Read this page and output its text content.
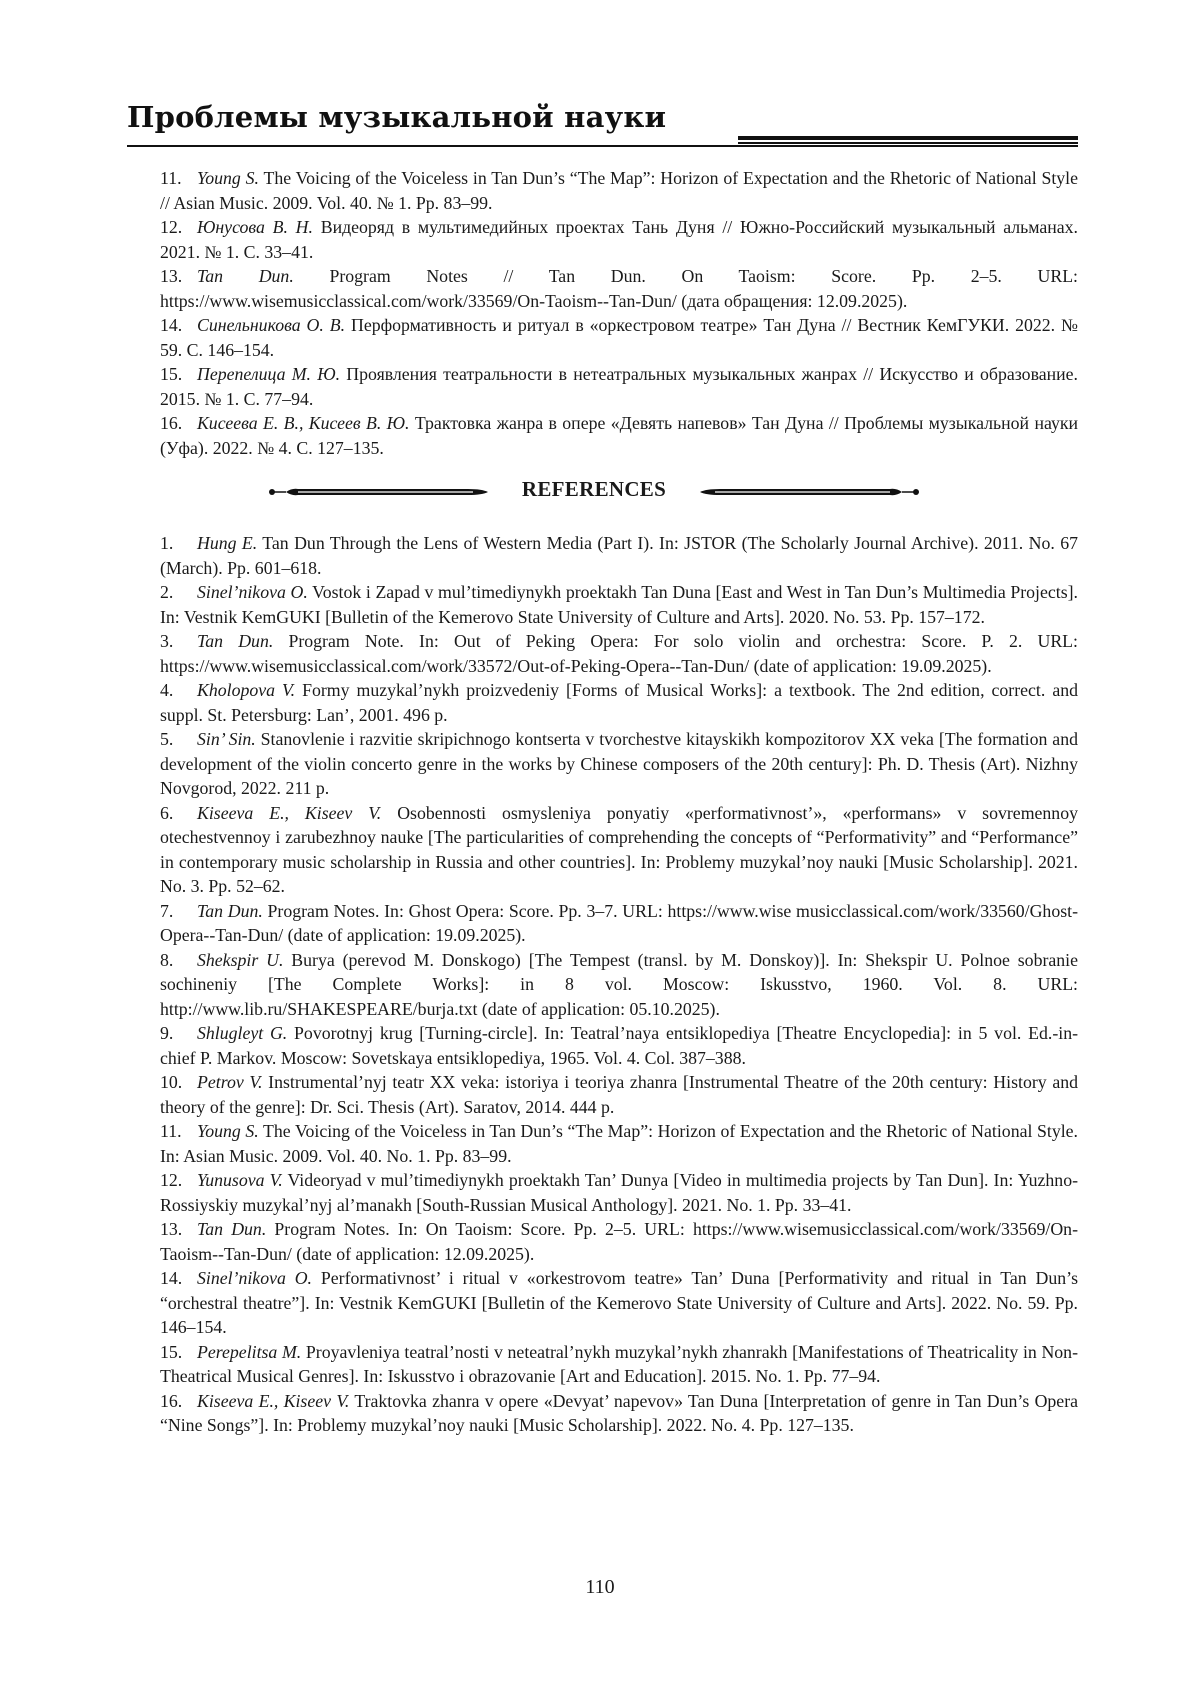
Проблемы музыкальной науки

11. Young S. The Voicing of the Voiceless in Tan Dun’s “The Map”: Horizon of Expectation and the Rhetoric of National Style // Asian Music. 2009. Vol. 40. № 1. Pp. 83–99.

12. Юнусова В. Н. Видеоряд в мультимедийных проектах Тань Дуня // Южно-Российский музыкальный альманах. 2021. № 1. С. 33–41.

13. Tan Dun. Program Notes // Tan Dun. On Taoism: Score. Pp. 2–5. URL: https://www.wisemusicclassical.com/work/33569/On-Taoism--Tan-Dun/ (дата обращения: 12.09.2025).

14. Синельникова О. В. Перформативность и ритуал в «оркестровом театре» Тан Дуна // Вестник КемГУКИ. 2022. № 59. С. 146–154.

15. Перепелица М. Ю. Проявления театральности в нетеатральных музыкальных жанрах // Искусство и образование. 2015. № 1. С. 77–94.

16. Кисеева Е. В., Кисеев В. Ю. Трактовка жанра в опере «Девять напевов» Тан Дуна // Проблемы музыкальной науки (Уфа). 2022. № 4. С. 127–135.

REFERENCES

1. Hung E. Tan Dun Through the Lens of Western Media (Part I). In: JSTOR (The Scholarly Journal Archive). 2011. No. 67 (March). Pp. 601–618.

2. Sinel’nikova O. Vostok i Zapad v mul’timediynykh proektakh Tan Duna [East and West in Tan Dun’s Multimedia Projects]. In: Vestnik KemGUKI [Bulletin of the Kemerovo State University of Culture and Arts]. 2020. No. 53. Pp. 157–172.

3. Tan Dun. Program Note. In: Out of Peking Opera: For solo violin and orchestra: Score. P. 2. URL: https://www.wisemusicclassical.com/work/33572/Out-of-Peking-Opera--Tan-Dun/ (date of application: 19.09.2025).

4. Kholopova V. Formy muzykal’nykh proizvedeniy [Forms of Musical Works]: a textbook. The 2nd edition, correct. and suppl. St. Petersburg: Lan’, 2001. 496 p.

5. Sin’ Sin. Stanovlenie i razvitie skripichnogo kontserta v tvorchestve kitayskikh kompozitorov XX veka [The formation and development of the violin concerto genre in the works by Chinese composers of the 20th century]: Ph. D. Thesis (Art). Nizhny Novgorod, 2022. 211 p.

6. Kiseeva E., Kiseev V. Osobennosti osmysleniya ponyatiy «performativnost’», «performans» v sovremennoy otechestvennoy i zarubezhnoy nauke [The particularities of comprehending the concepts of “Performativity” and “Performance” in contemporary music scholarship in Russia and other countries]. In: Problemy muzykal’noy nauki [Music Scholarship]. 2021. No. 3. Pp. 52–62.

7. Tan Dun. Program Notes. In: Ghost Opera: Score. Pp. 3–7. URL: https://www.wise musicclassical.com/work/33560/Ghost-Opera--Tan-Dun/ (date of application: 19.09.2025).

8. Shekspir U. Burya (perevod M. Donskogo) [The Tempest (transl. by M. Donskoy)]. In: Shekspir U. Polnoe sobranie sochineniy [The Complete Works]: in 8 vol. Moscow: Iskusstvo, 1960. Vol. 8. URL: http://www.lib.ru/SHAKESPEARE/burja.txt (date of application: 05.10.2025).

9. Shlugleyt G. Povorotnyj krug [Turning-circle]. In: Teatral’naya entsiklopediya [Theatre Encyclopedia]: in 5 vol. Ed.-in-chief P. Markov. Moscow: Sovetskaya entsiklopediya, 1965. Vol. 4. Col. 387–388.

10. Petrov V. Instrumental’nyj teatr XX veka: istoriya i teoriya zhanra [Instrumental Theatre of the 20th century: History and theory of the genre]: Dr. Sci. Thesis (Art). Saratov, 2014. 444 p.

11. Young S. The Voicing of the Voiceless in Tan Dun’s “The Map”: Horizon of Expectation and the Rhetoric of National Style. In: Asian Music. 2009. Vol. 40. No. 1. Pp. 83–99.

12. Yunusova V. Videoryad v mul’timediynykh proektakh Tan’ Dunya [Video in multimedia projects by Tan Dun]. In: Yuzhno-Rossiyskiy muzykal’nyj al’manakh [South-Russian Musical Anthology]. 2021. No. 1. Pp. 33–41.

13. Tan Dun. Program Notes. In: On Taoism: Score. Pp. 2–5. URL: https://www.wisemusicclassical.com/work/33569/On-Taoism--Tan-Dun/ (date of application: 12.09.2025).

14. Sinel’nikova O. Performativnost’ i ritual v «orkestrovom teatre» Tan’ Duna [Performativity and ritual in Tan Dun’s “orchestral theatre”]. In: Vestnik KemGUKI [Bulletin of the Kemerovo State University of Culture and Arts]. 2022. No. 59. Pp. 146–154.

15. Perepelitsa M. Proyavleniya teatral’nosti v neteatral’nykh muzykal’nykh zhanrakh [Manifestations of Theatricality in Non-Theatrical Musical Genres]. In: Iskusstvo i obrazovanie [Art and Education]. 2015. No. 1. Pp. 77–94.

16. Kiseeva E., Kiseev V. Traktovka zhanra v opere «Devyat’ napevov» Tan Duna [Interpretation of genre in Tan Dun’s Opera “Nine Songs”]. In: Problemy muzykal’noy nauki [Music Scholarship]. 2022. No. 4. Pp. 127–135.

110
